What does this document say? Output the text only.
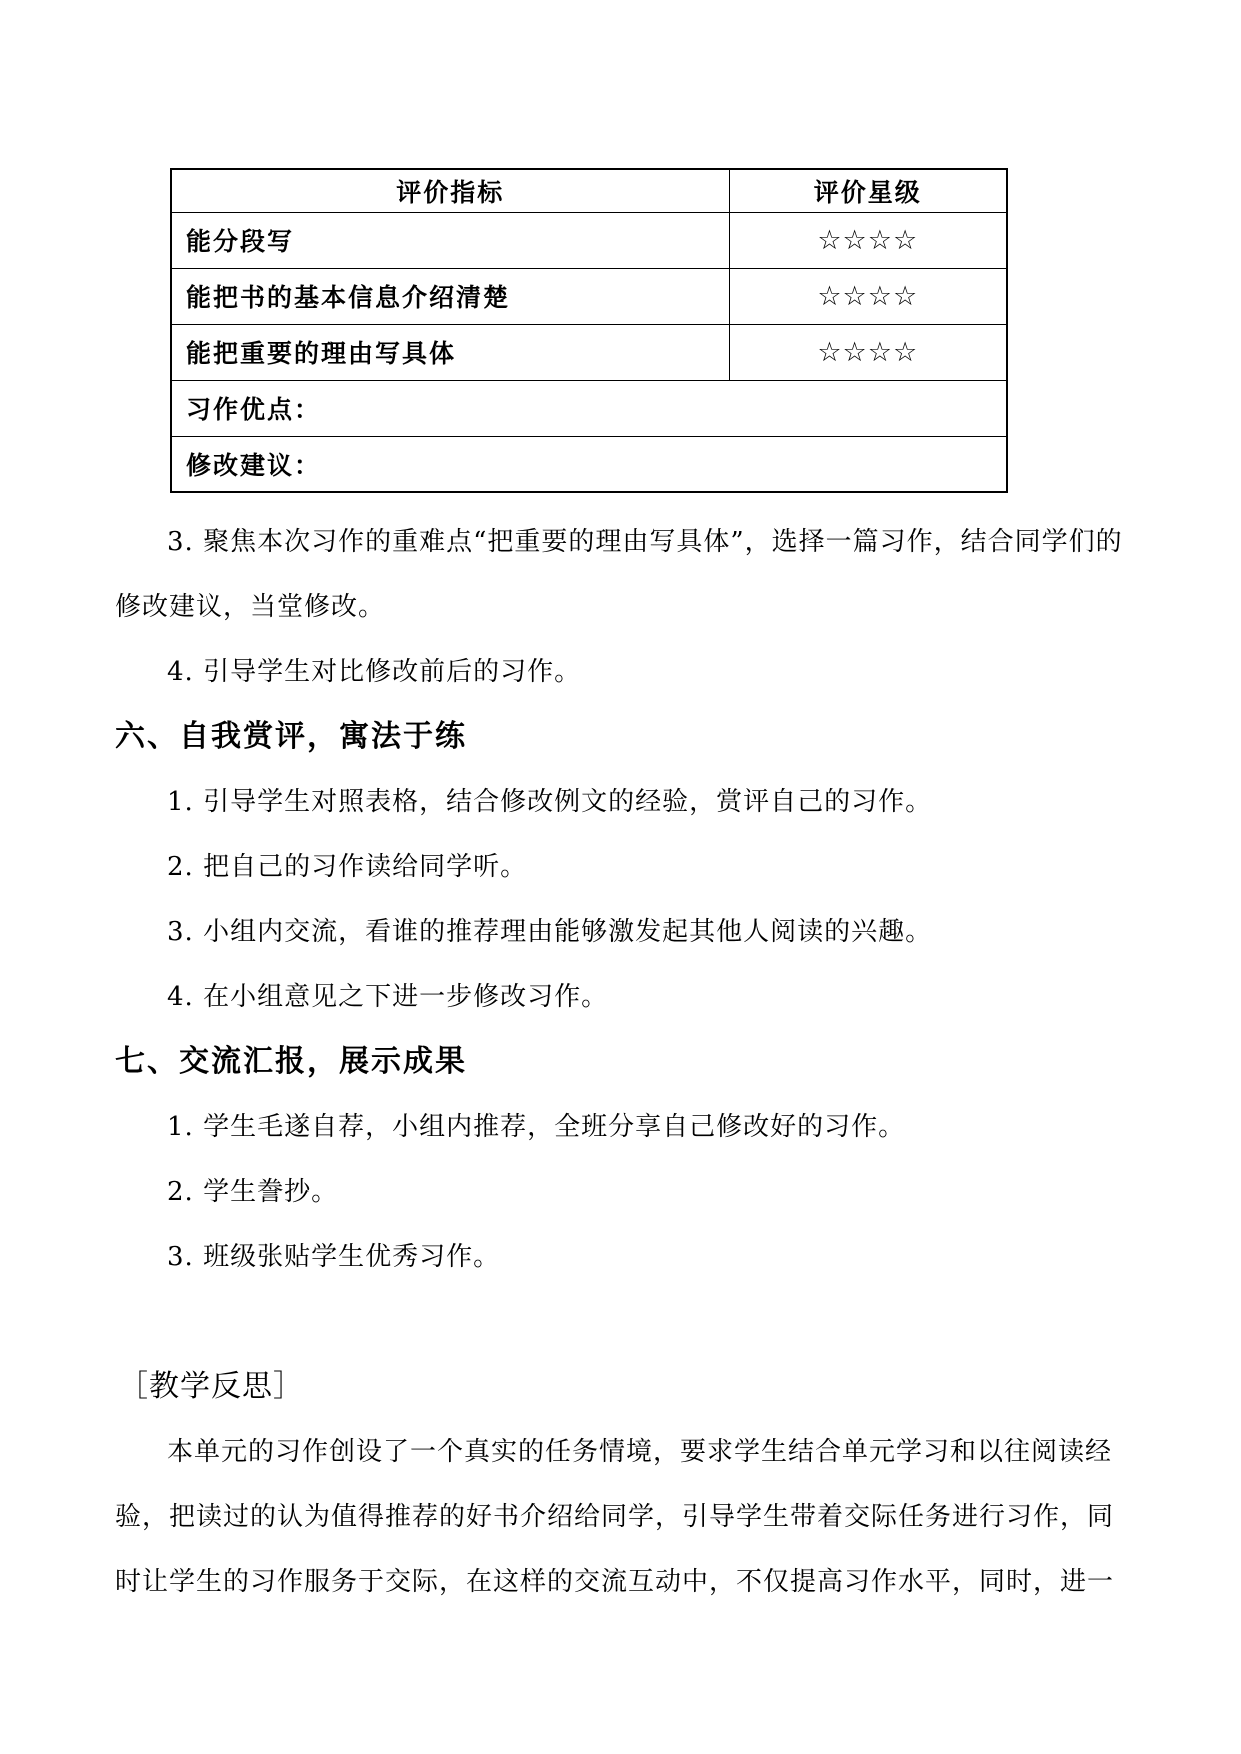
评价指标	评价星级
能分段写	☆☆☆☆
能把书的基本信息介绍清楚	☆☆☆☆
能把重要的理由写具体	☆☆☆☆
习作优点：	
修改建议：	
3. 聚焦本次习作的重难点“把重要的理由写具体”，选择一篇习作，结合同学们的
修改建议，当堂修改。
4. 引导学生对比修改前后的习作。
六、自我赏评，寓法于练
1. 引导学生对照表格，结合修改例文的经验，赏评自己的习作。
2. 把自己的习作读给同学听。
3. 小组内交流，看谁的推荐理由能够激发起其他人阅读的兴趣。
4. 在小组意见之下进一步修改习作。
七、交流汇报，展示成果
1. 学生毛遂自荐，小组内推荐，全班分享自己修改好的习作。
2. 学生誊抄。
3. 班级张贴学生优秀习作。
［教学反思］
本单元的习作创设了一个真实的任务情境，要求学生结合单元学习和以往阅读经
验，把读过的认为值得推荐的好书介绍给同学，引导学生带着交际任务进行习作，同
时让学生的习作服务于交际，在这样的交流互动中，不仅提高习作水平，同时，进一
